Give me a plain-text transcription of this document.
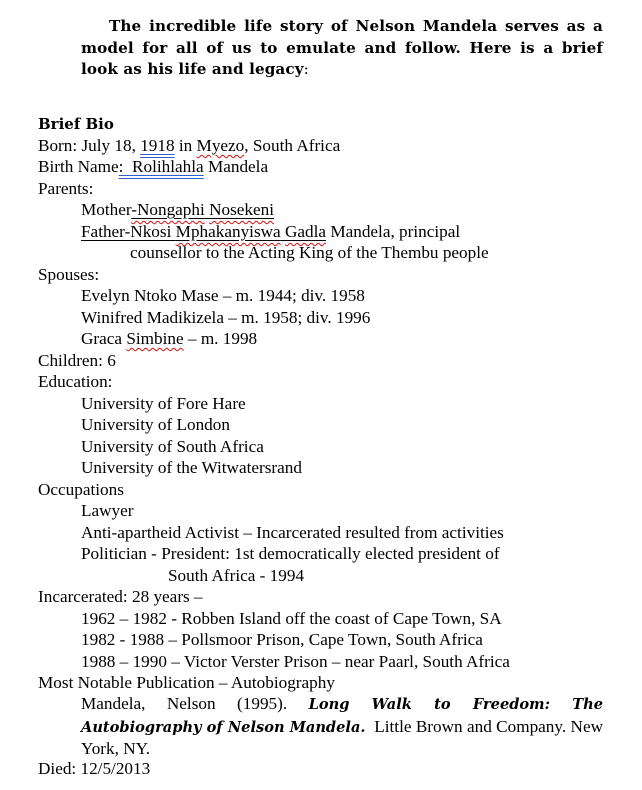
The incredible life story of Nelson Mandela serves as a model for all of us to emulate and follow. Here is a brief look as his life and legacy:
Brief Bio
Born: July 18, 1918 in Myezo, South Africa
Birth Name:  Rolihlahla Mandela
Parents:
Mother-Nongaphi Nosekeni
Father-Nkosi Mphakanyiswa Gadla Mandela, principal
counsellor to the Acting King of the Thembu people
Spouses:
Evelyn Ntoko Mase – m. 1944; div. 1958
Winifred Madikizela – m. 1958; div. 1996
Graca Simbine – m. 1998
Children: 6
Education:
University of Fore Hare
University of London
University of South Africa
University of the Witwatersrand
Occupations
Lawyer
Anti-apartheid Activist – Incarcerated resulted from activities
Politician - President: 1st democratically elected president of
South Africa - 1994
Incarcerated: 28 years –
1962 – 1982 - Robben Island off the coast of Cape Town, SA
1982 - 1988 – Pollsmoor Prison, Cape Town, South Africa
1988 – 1990 – Victor Verster Prison – near Paarl, South Africa
Most Notable Publication – Autobiography
Mandela, Nelson (1995). Long Walk to Freedom: The Autobiography of Nelson Mandela.  Little Brown and Company. New York, NY.
Died: 12/5/2013
